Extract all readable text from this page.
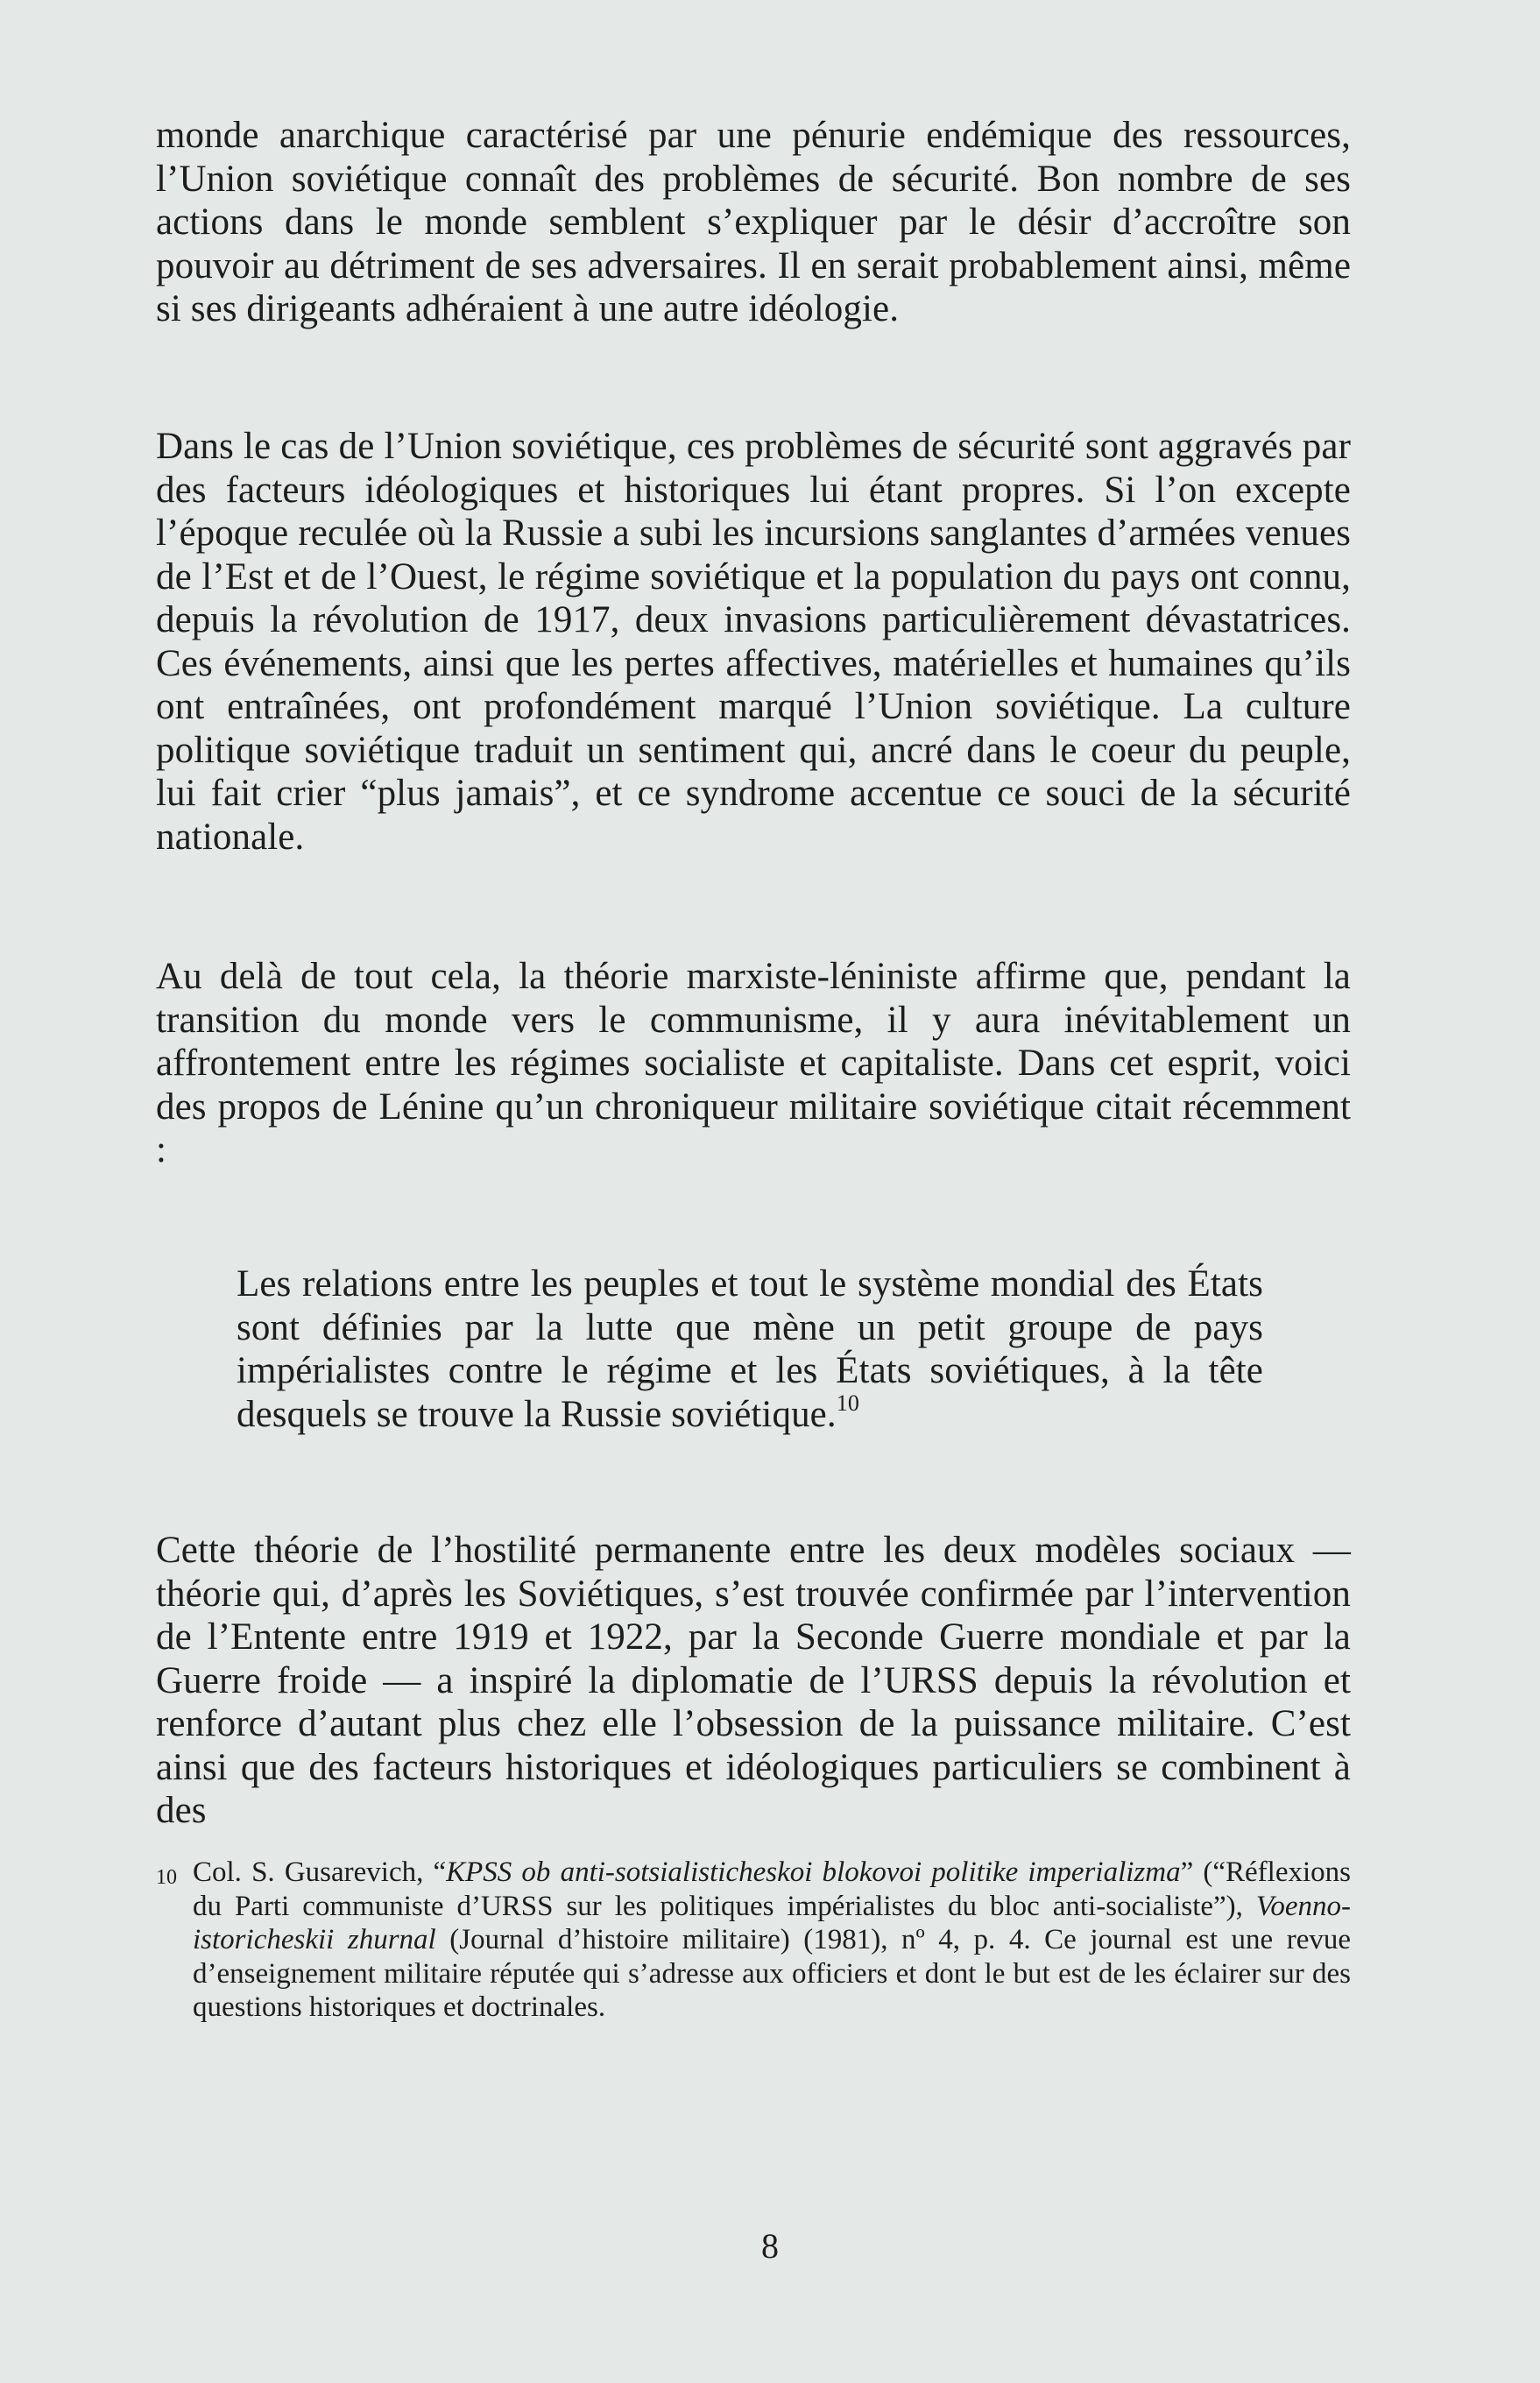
monde anarchique caractérisé par une pénurie endémique des ressources, l’Union soviétique connaît des problèmes de sécurité. Bon nombre de ses actions dans le monde semblent s’expliquer par le désir d’accroître son pouvoir au détriment de ses adversaires. Il en serait probablement ainsi, même si ses dirigeants adhéraient à une autre idéologie.

Dans le cas de l’Union soviétique, ces problèmes de sécurité sont aggravés par des facteurs idéologiques et historiques lui étant propres. Si l’on excepte l’époque reculée où la Russie a subi les incursions sanglantes d’armées venues de l’Est et de l’Ouest, le régime soviétique et la population du pays ont connu, depuis la révolution de 1917, deux invasions particulièrement dévastatrices. Ces événements, ainsi que les pertes affectives, matérielles et humaines qu’ils ont entraînées, ont profondément marqué l’Union soviétique. La culture politique soviétique traduit un sentiment qui, ancré dans le coeur du peuple, lui fait crier “plus jamais”, et ce syndrome accentue ce souci de la sécurité nationale.

Au delà de tout cela, la théorie marxiste-léniniste affirme que, pendant la transition du monde vers le communisme, il y aura inévitablement un affrontement entre les régimes socialiste et capitaliste. Dans cet esprit, voici des propos de Lénine qu’un chroniqueur militaire soviétique citait récemment :

Les relations entre les peuples et tout le système mondial des États sont définies par la lutte que mène un petit groupe de pays impérialistes contre le régime et les États soviétiques, à la tête desquels se trouve la Russie soviétique.$^{10}$

Cette théorie de l’hostilité permanente entre les deux modèles sociaux — théorie qui, d’après les Soviétiques, s’est trouvée confirmée par l’intervention de l’Entente entre 1919 et 1922, par la Seconde Guerre mondiale et par la Guerre froide — a inspiré la diplomatie de l’URSS depuis la révolution et renforce d’autant plus chez elle l’obsession de la puissance militaire. C’est ainsi que des facteurs historiques et idéologiques particuliers se combinent à des

10 Col. S. Gusarevich, “KPSS ob anti-sotsialisticheskoi blokovoi politike imperializma” (“Réflexions du Parti communiste d’URSS sur les politiques impérialistes du bloc anti-socialiste”), Voenno-istoricheskii zhurnal (Journal d’histoire militaire) (1981), nº 4, p. 4. Ce journal est une revue d’enseignement militaire réputée qui s’adresse aux officiers et dont le but est de les éclairer sur des questions historiques et doctrinales.
8
